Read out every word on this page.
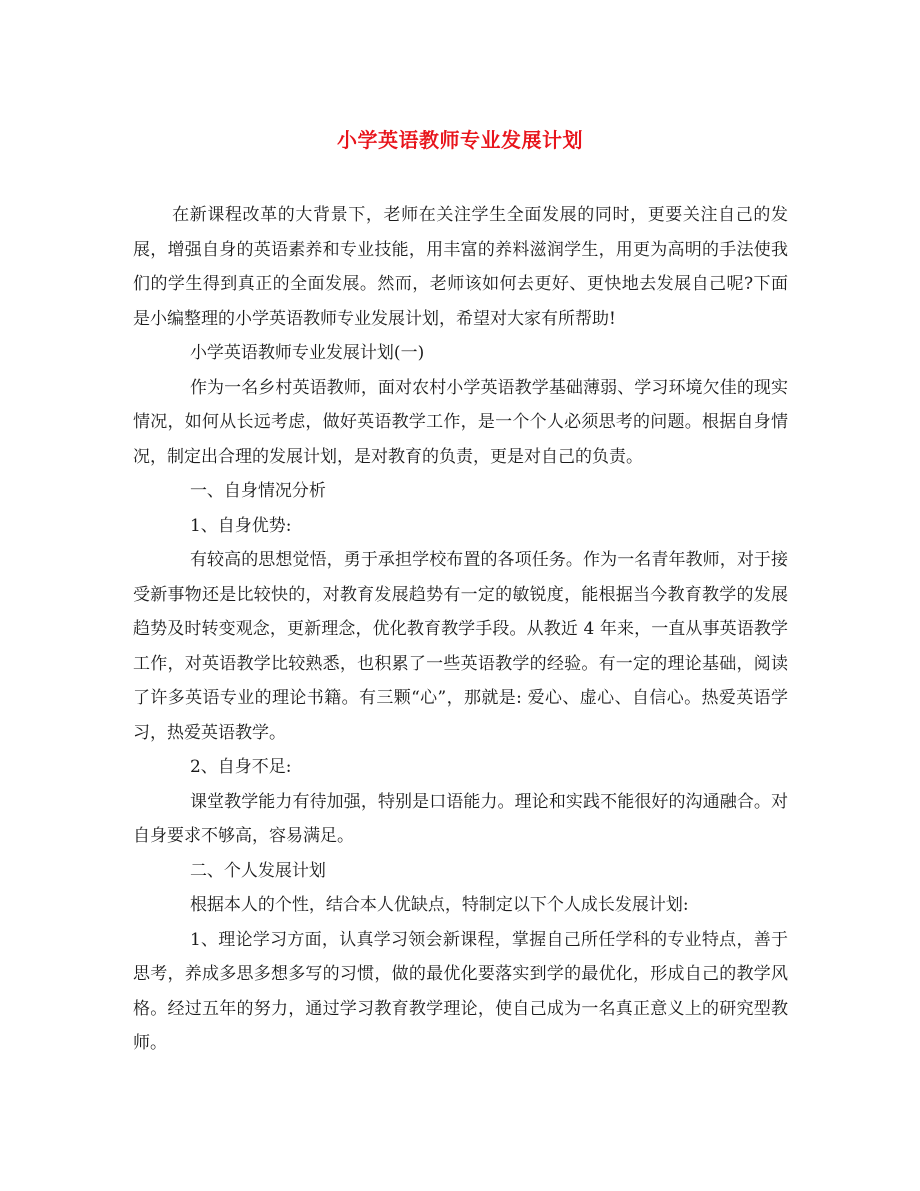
小学英语教师专业发展计划

在新课程改革的大背景下，老师在关注学生全面发展的同时，更要关注自己的发展，增强自身的英语素养和专业技能，用丰富的养料滋润学生，用更为高明的手法使我们的学生得到真正的全面发展。然而，老师该如何去更好、更快地去发展自己呢?下面是小编整理的小学英语教师专业发展计划，希望对大家有所帮助!

小学英语教师专业发展计划(一)

作为一名乡村英语教师，面对农村小学英语教学基础薄弱、学习环境欠佳的现实情况，如何从长远考虑，做好英语教学工作，是一个个人必须思考的问题。根据自身情况，制定出合理的发展计划，是对教育的负责，更是对自己的负责。

一、自身情况分析

1、自身优势:

有较高的思想觉悟，勇于承担学校布置的各项任务。作为一名青年教师，对于接受新事物还是比较快的，对教育发展趋势有一定的敏锐度，能根据当今教育教学的发展趋势及时转变观念，更新理念，优化教育教学手段。从教近 4 年来，一直从事英语教学工作，对英语教学比较熟悉，也积累了一些英语教学的经验。有一定的理论基础，阅读了许多英语专业的理论书籍。有三颗“心”，那就是: 爱心、虚心、自信心。热爱英语学习，热爱英语教学。

2、自身不足:

课堂教学能力有待加强，特别是口语能力。理论和实践不能很好的沟通融合。对自身要求不够高，容易满足。

二、个人发展计划

根据本人的个性，结合本人优缺点，特制定以下个人成长发展计划:

1、理论学习方面，认真学习领会新课程，掌握自己所任学科的专业特点，善于思考，养成多思多想多写的习惯，做的最优化要落实到学的最优化，形成自己的教学风格。经过五年的努力，通过学习教育教学理论，使自己成为一名真正意义上的研究型教师。
